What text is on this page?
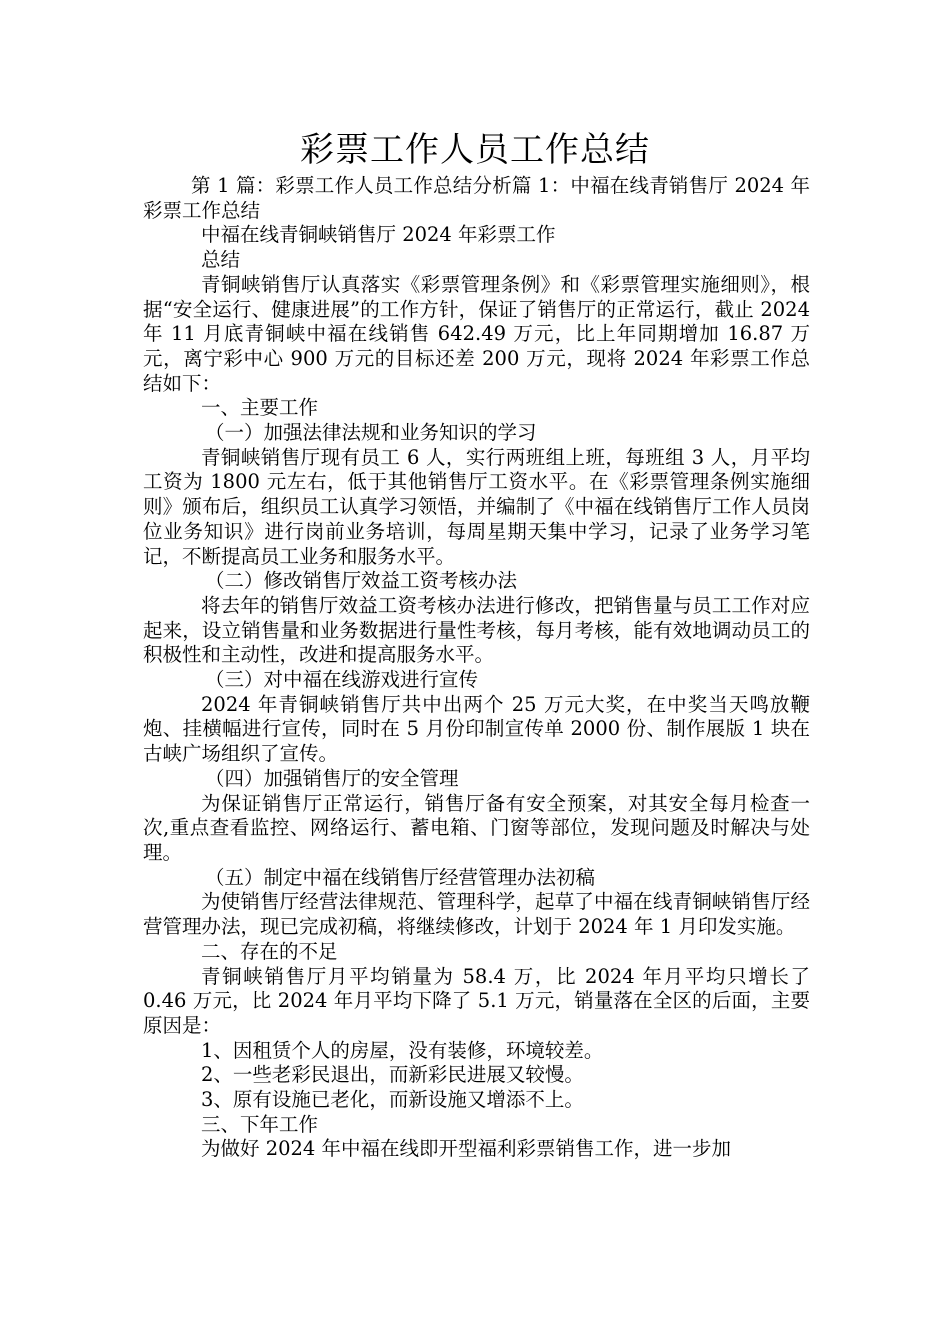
彩票工作人员工作总结

第 1 篇：彩票工作人员工作总结分析篇 1：中福在线青销售厅 2024 年彩票工作总结

中福在线青铜峡销售厅 2024 年彩票工作

总结

青铜峡销售厅认真落实《彩票管理条例》和《彩票管理实施细则》，根据“安全运行、健康进展”的工作方针，保证了销售厅的正常运行，截止 2024 年 11 月底青铜峡中福在线销售 642.49 万元，比上年同期增加 16.87 万元，离宁彩中心 900 万元的目标还差 200 万元，现将 2024 年彩票工作总结如下：

一、主要工作

（一）加强法律法规和业务知识的学习

青铜峡销售厅现有员工 6 人，实行两班组上班，每班组 3 人，月平均工资为 1800 元左右，低于其他销售厅工资水平。在《彩票管理条例实施细则》颁布后，组织员工认真学习领悟，并编制了《中福在线销售厅工作人员岗位业务知识》进行岗前业务培训，每周星期天集中学习，记录了业务学习笔记，不断提高员工业务和服务水平。

（二）修改销售厅效益工资考核办法

将去年的销售厅效益工资考核办法进行修改，把销售量与员工工作对应起来，设立销售量和业务数据进行量性考核，每月考核，能有效地调动员工的积极性和主动性，改进和提高服务水平。

（三）对中福在线游戏进行宣传

2024 年青铜峡销售厅共中出两个 25 万元大奖，在中奖当天鸣放鞭炮、挂横幅进行宣传，同时在 5 月份印制宣传单 2000 份、制作展版 1 块在古峡广场组织了宣传。

（四）加强销售厅的安全管理

为保证销售厅正常运行，销售厅备有安全预案，对其安全每月检查一次,重点查看监控、网络运行、蓄电箱、门窗等部位，发现问题及时解决与处理。

（五）制定中福在线销售厅经营管理办法初稿

为使销售厅经营法律规范、管理科学，起草了中福在线青铜峡销售厅经营管理办法，现已完成初稿，将继续修改，计划于 2024 年 1 月印发实施。

二、存在的不足

青铜峡销售厅月平均销量为 58.4 万，比 2024 年月平均只增长了 0.46 万元，比 2024 年月平均下降了 5.1 万元，销量落在全区的后面，主要原因是：

1、因租赁个人的房屋，没有装修，环境较差。

2、一些老彩民退出，而新彩民进展又较慢。

3、原有设施已老化，而新设施又增添不上。

三、下年工作

为做好 2024 年中福在线即开型福利彩票销售工作，进一步加
